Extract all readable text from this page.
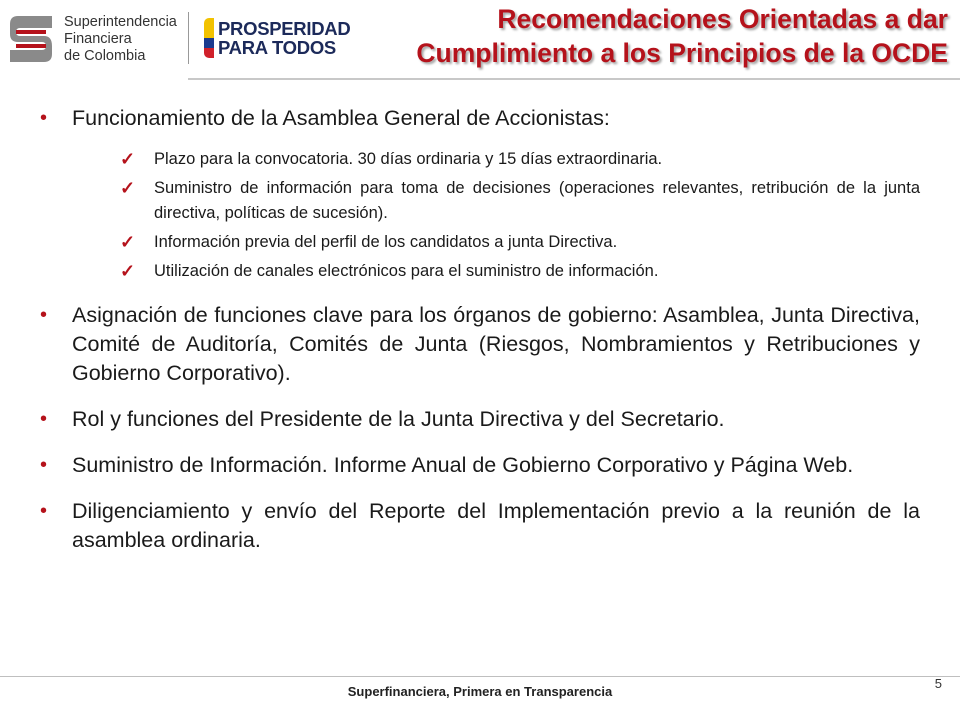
Superintendencia
Financiera
de Colombia
PROSPERIDAD
PARA TODOS
Recomendaciones Orientadas a dar
Cumplimiento a los Principios de la OCDE
• Funcionamiento de la Asamblea General de Accionistas:
✓ Plazo para la convocatoria. 30 días ordinaria y 15 días extraordinaria.
✓ Suministro de información para toma de decisiones (operaciones relevantes, retribución de la junta directiva, políticas de sucesión).
✓ Información previa del perfil de los candidatos a junta Directiva.
✓ Utilización de canales electrónicos para el suministro de información.
• Asignación de funciones clave para los órganos de gobierno: Asamblea, Junta Directiva, Comité de Auditoría, Comités de Junta (Riesgos, Nombramientos y Retribuciones y Gobierno Corporativo).
• Rol y funciones del Presidente de la Junta Directiva y del Secretario.
• Suministro de Información. Informe Anual de Gobierno Corporativo y Página Web.
• Diligenciamiento y envío del Reporte del Implementación previo a la reunión de la asamblea ordinaria.
Superfinanciera, Primera en Transparencia
5
